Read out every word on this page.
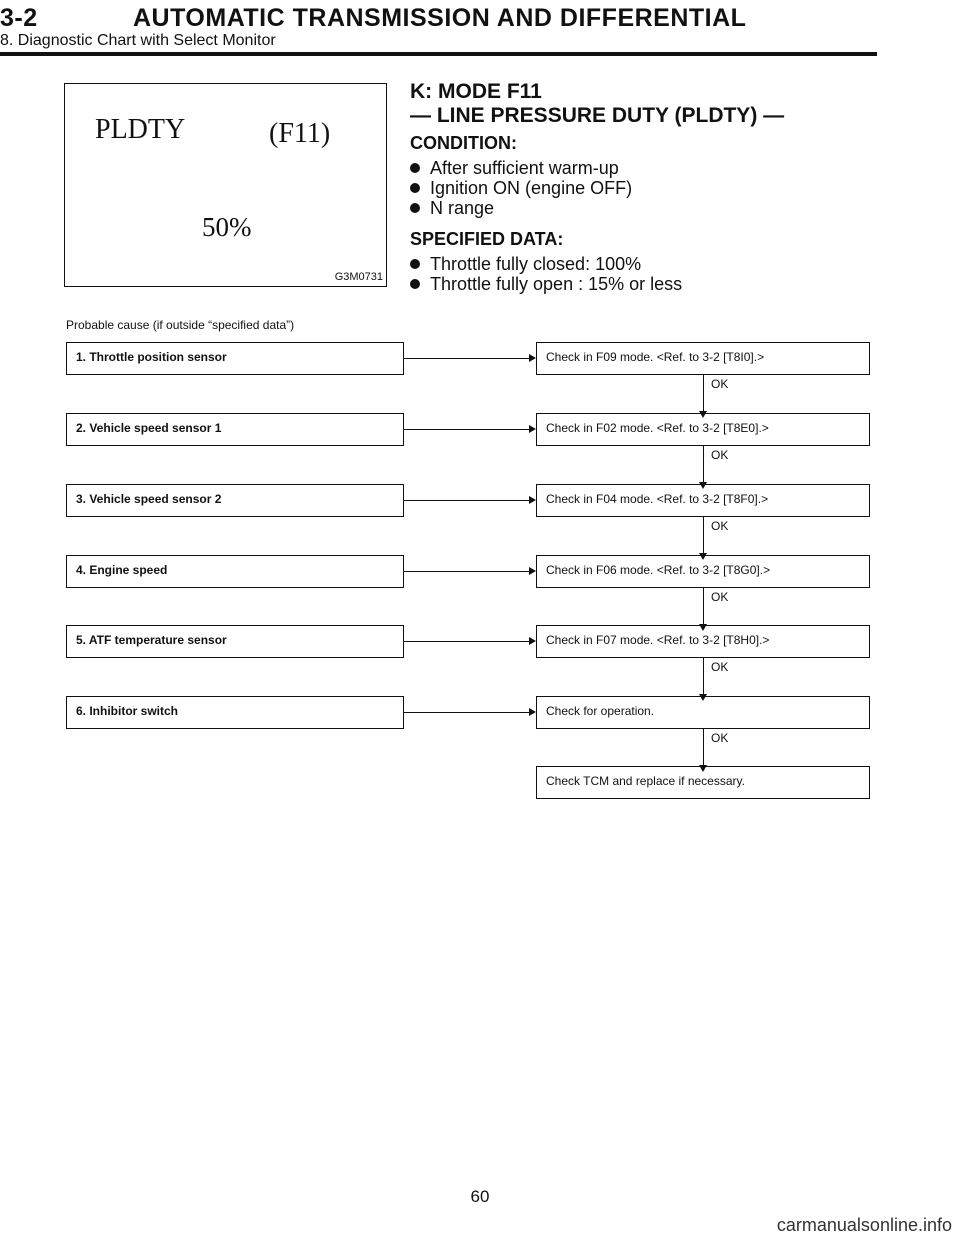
3-2	AUTOMATIC TRANSMISSION AND DIFFERENTIAL
8. Diagnostic Chart with Select Monitor
PLDTY	(F11)
50%
G3M0731
K: MODE F11
— LINE PRESSURE DUTY (PLDTY) —
CONDITION:
After sufficient warm-up
Ignition ON (engine OFF)
N range
SPECIFIED DATA:
Throttle fully closed: 100%
Throttle fully open : 15% or less
Probable cause (if outside “specified data”)
1. Throttle position sensor	Check in F09 mode. <Ref. to 3-2 [T8I0].>
OK
2. Vehicle speed sensor 1	Check in F02 mode. <Ref. to 3-2 [T8E0].>
OK
3. Vehicle speed sensor 2	Check in F04 mode. <Ref. to 3-2 [T8F0].>
OK
4. Engine speed	Check in F06 mode. <Ref. to 3-2 [T8G0].>
OK
5. ATF temperature sensor	Check in F07 mode. <Ref. to 3-2 [T8H0].>
OK
6. Inhibitor switch	Check for operation.
OK
Check TCM and replace if necessary.
60
carmanualsonline.info
